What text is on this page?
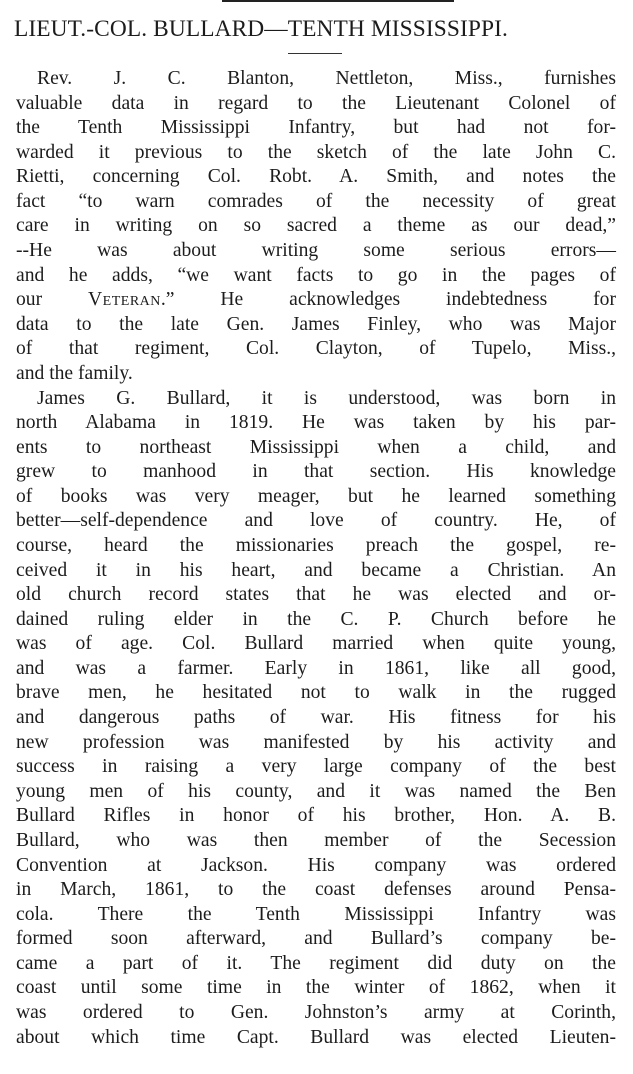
LIEUT.-COL. BULLARD—TENTH MISSISSIPPI.

Rev. J. C. Blanton, Nettleton, Miss., furnishes
valuable data in regard to the Lieutenant Colonel of
the Tenth Mississippi Infantry, but had not for-
warded it previous to the sketch of the late John C.
Rietti, concerning Col. Robt. A. Smith, and notes the
fact “to warn comrades of the necessity of great
care in writing on so sacred a theme as our dead,”
--He was about writing some serious errors—
and he adds, “we want facts to go in the pages of
our Veteran.” He acknowledges indebtedness for
data to the late Gen. James Finley, who was Major
of that regiment, Col. Clayton, of Tupelo, Miss.,
and the family.

James G. Bullard, it is understood, was born in
north Alabama in 1819. He was taken by his par-
ents to northeast Mississippi when a child, and
grew to manhood in that section. His knowledge
of books was very meager, but he learned something
better—self-dependence and love of country. He, of
course, heard the missionaries preach the gospel, re-
ceived it in his heart, and became a Christian. An
old church record states that he was elected and or-
dained ruling elder in the C. P. Church before he
was of age. Col. Bullard married when quite young,
and was a farmer. Early in 1861, like all good,
brave men, he hesitated not to walk in the rugged
and dangerous paths of war. His fitness for his
new profession was manifested by his activity and
success in raising a very large company of the best
young men of his county, and it was named the Ben
Bullard Rifles in honor of his brother, Hon. A. B.
Bullard, who was then member of the Secession
Convention at Jackson. His company was ordered
in March, 1861, to the coast defenses around Pensa-
cola. There the Tenth Mississippi Infantry was
formed soon afterward, and Bullard’s company be-
came a part of it. The regiment did duty on the
coast until some time in the winter of 1862, when it
was ordered to Gen. Johnston’s army at Corinth,
about which time Capt. Bullard was elected Lieuten-
